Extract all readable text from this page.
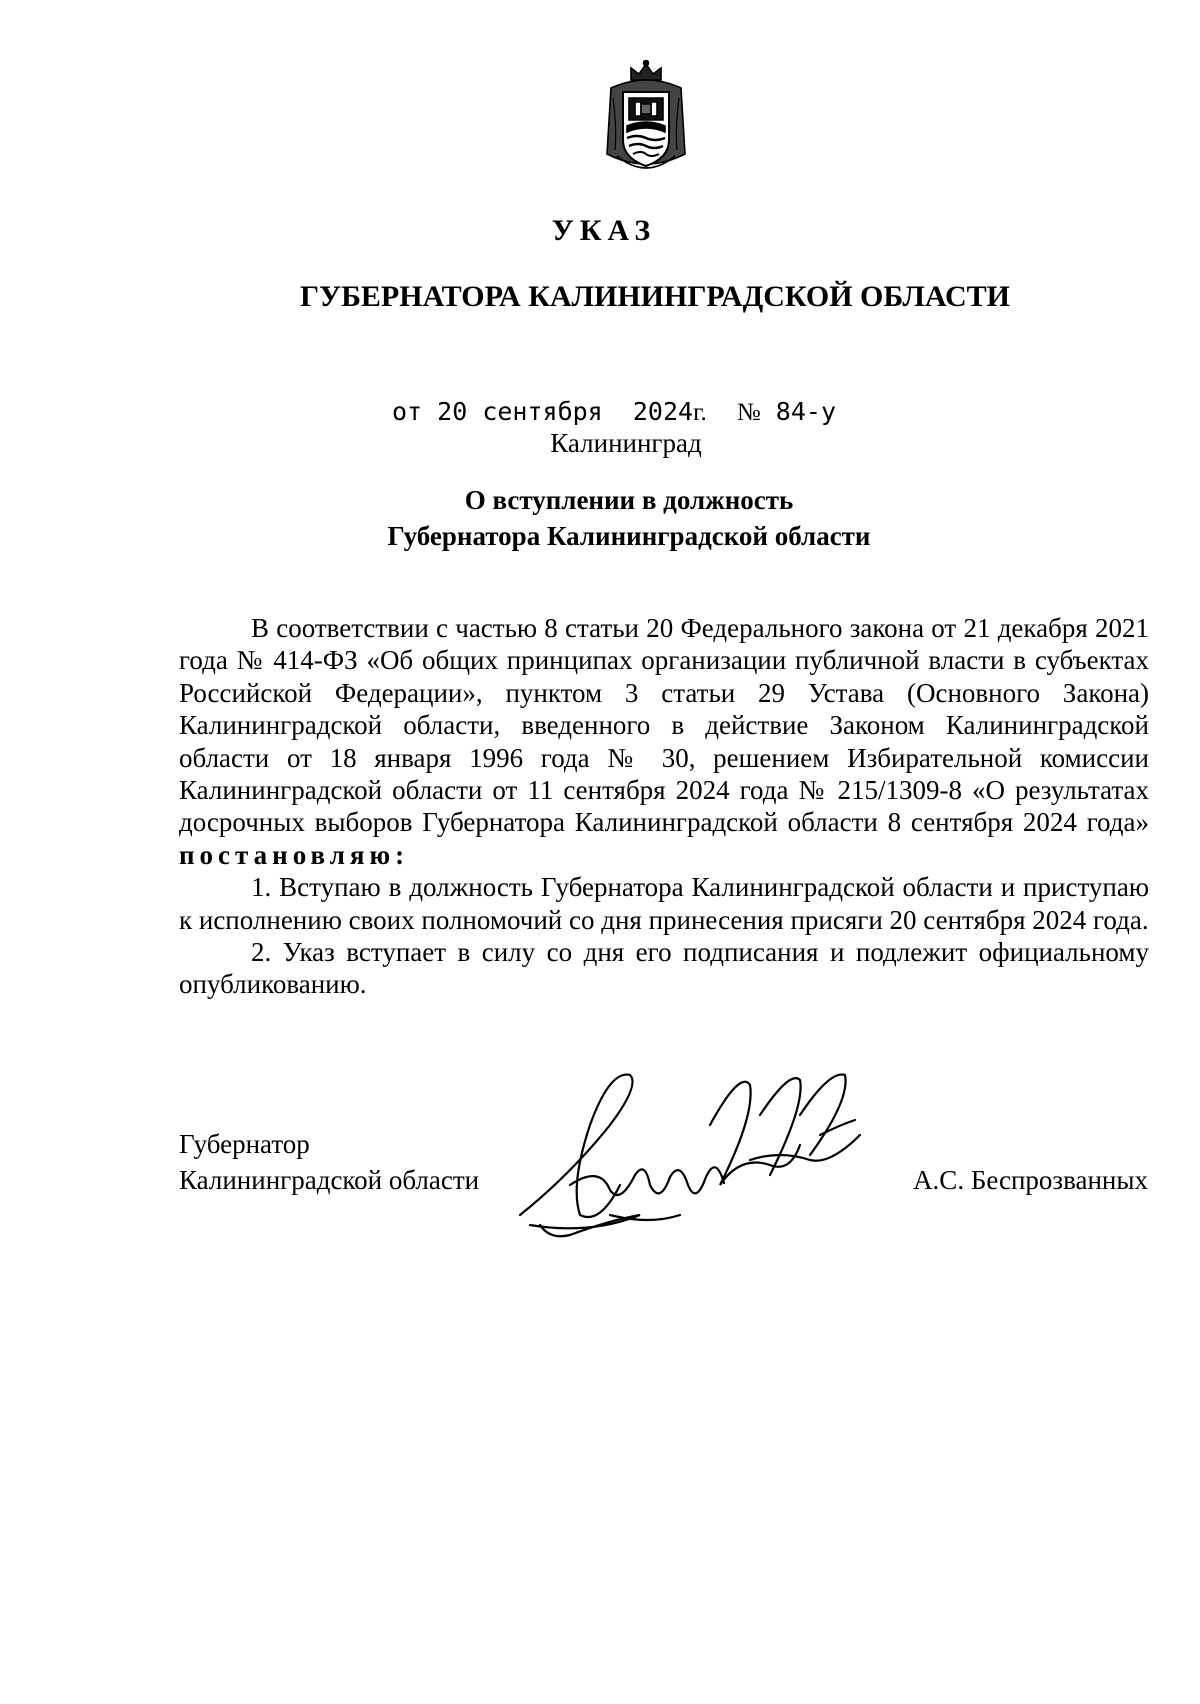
УКАЗ
ГУБЕРНАТОРА КАЛИНИНГРАДСКОЙ ОБЛАСТИ
от 20 сентября 2024г. № 84-у
Калининград
О вступлении в должность
Губернатора Калининградской области

В соответствии с частью 8 статьи 20 Федерального закона от 21 декабря 2021 года № 414-ФЗ «Об общих принципах организации публичной власти в субъектах Российской Федерации», пунктом 3 статьи 29 Устава (Основного Закона) Калининградской области, введенного в действие Законом Калининградской области от 18 января 1996 года № 30, решением Избирательной комиссии Калининградской области от 11 сентября 2024 года № 215/1309-8 «О результатах досрочных выборов Губернатора Калининградской области 8 сентября 2024 года» постановляю:

1. Вступаю в должность Губернатора Калининградской области и приступаю к исполнению своих полномочий со дня принесения присяги 20 сентября 2024 года.

2. Указ вступает в силу со дня его подписания и подлежит официальному опубликованию.

Губернатор
Калининградской области	А.С. Беспрозванных
